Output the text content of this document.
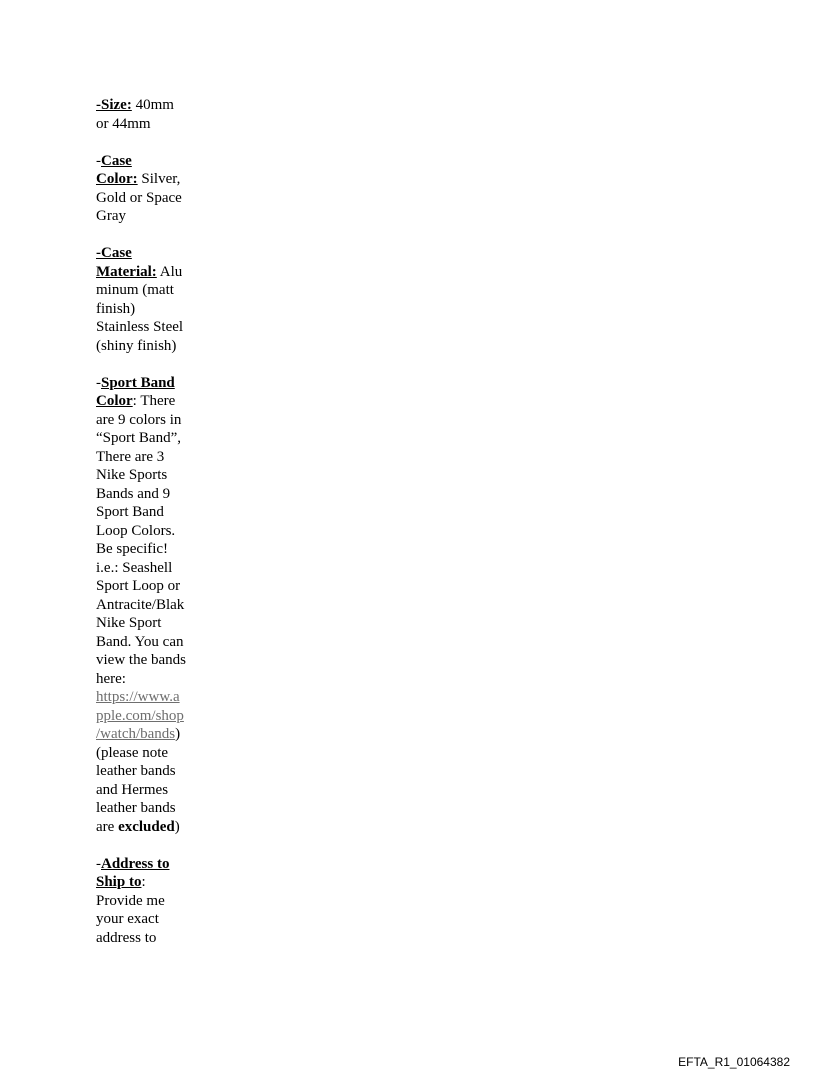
-Size: 40mm
or 44mm
-Case
Color: Silver,
Gold or Space
Gray
-Case
Material: Alu
minum (matt
finish)
Stainless Steel
(shiny finish)
-Sport Band
Color: There
are 9 colors in
“Sport Band”,
There are 3
Nike Sports
Bands and 9
Sport Band
Loop Colors.
Be specific!
i.e.: Seashell
Sport Loop or
Antracite/Blak
Nike Sport
Band. You can
view the bands
here:
https://www.a
pple.com/shop
/watch/bands)
(please note
leather bands
and Hermes
leather bands
are excluded)
-Address to
Ship to:
Provide me
your exact
address to
EFTA_R1_01064382
